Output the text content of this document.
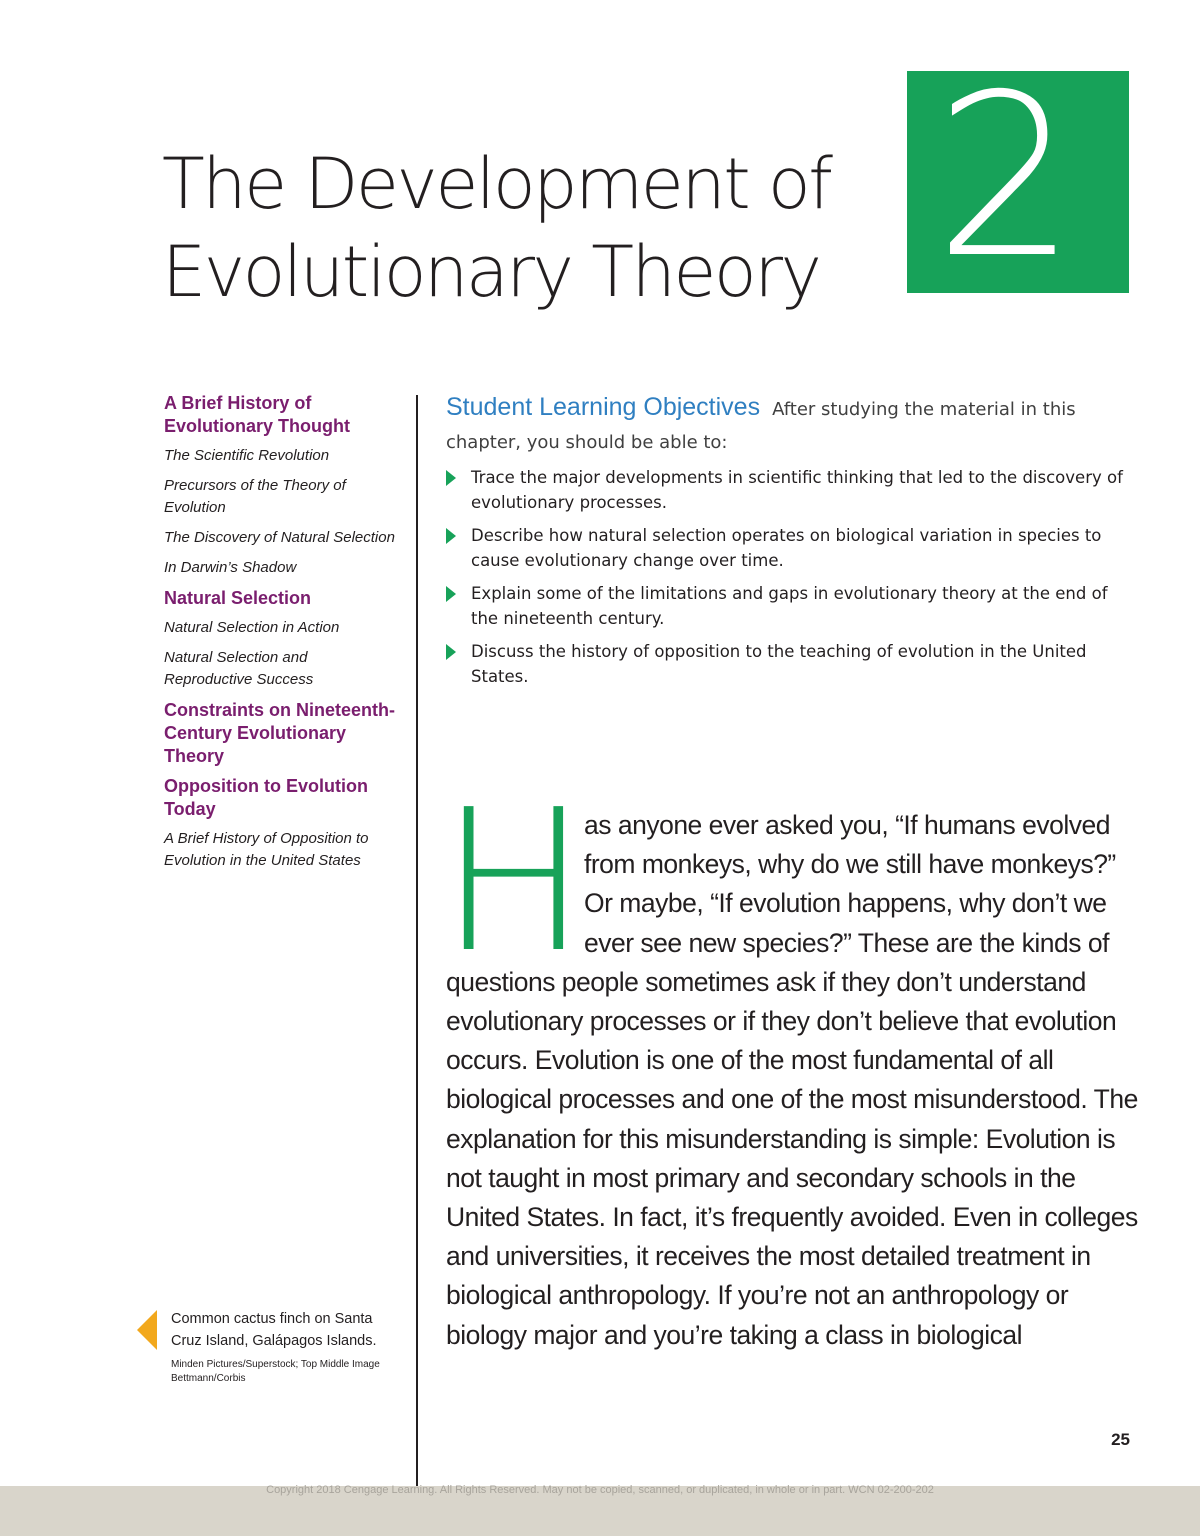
The Development of
Evolutionary Theory 2
A Brief History of Evolutionary Thought
The Scientific Revolution
Precursors of the Theory of Evolution
The Discovery of Natural Selection
In Darwin’s Shadow
Natural Selection
Natural Selection in Action
Natural Selection and Reproductive Success
Constraints on Nineteenth-Century Evolutionary Theory
Opposition to Evolution Today
A Brief History of Opposition to Evolution in the United States

Student Learning Objectives After studying the material in this chapter, you should be able to:

Trace the major developments in scientific thinking that led to the discovery of evolutionary processes.
Describe how natural selection operates on biological variation in species to cause evolutionary change over time.
Explain some of the limitations and gaps in evolutionary theory at the end of the nineteenth century.
Discuss the history of opposition to the teaching of evolution in the United States.
H
as anyone ever asked you, “If humans evolved from monkeys, why do we still have monkeys?” Or maybe, “If evolution happens, why don’t we ever see new species?” These are the kinds of questions people sometimes ask if they don’t understand evolutionary processes or if they don’t believe that evolution occurs. Evolution is one of the most fundamental of all biological processes and one of the most misunderstood. The explanation for this misunderstanding is simple: Evolution is not taught in most primary and secondary schools in the United States. In fact, it’s frequently avoided. Even in colleges and universities, it receives the most detailed treatment in biological anthropology. If you’re not an anthropology or biology major and you’re taking a class in biological
Common cactus finch on Santa Cruz Island, Galápagos Islands.
Minden Pictures/Superstock; Top Middle Image
Bettmann/Corbis
25
Copyright 2018 Cengage Learning. All Rights Reserved. May not be copied, scanned, or duplicated, in whole or in part. WCN 02-200-202
